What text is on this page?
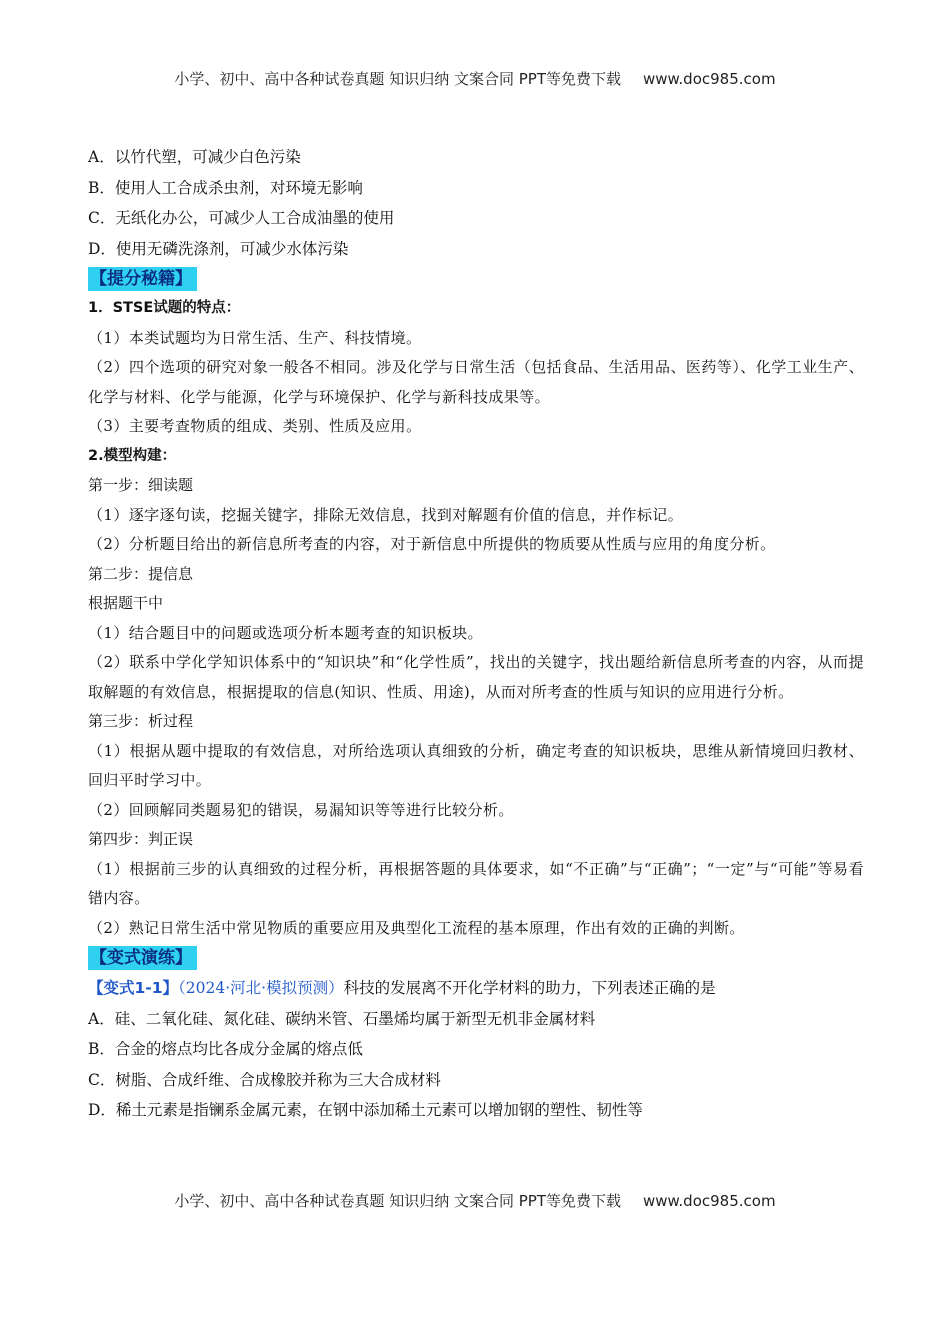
小学、初中、高中各种试卷真题 知识归纳 文案合同 PPT等免费下载 www.doc985.com
A．以竹代塑，可减少白色污染
B．使用人工合成杀虫剂，对环境无影响
C．无纸化办公，可减少人工合成油墨的使用
D．使用无磷洗涤剂，可减少水体污染
【提分秘籍】
1．STSE试题的特点：
（1）本类试题均为日常生活、生产、科技情境。
（2）四个选项的研究对象一般各不相同。涉及化学与日常生活（包括食品、生活用品、医药等）、化学工业生产、化学与材料、化学与能源，化学与环境保护、化学与新科技成果等。
（3）主要考查物质的组成、类别、性质及应用。
2.模型构建：
第一步：细读题
（1）逐字逐句读，挖掘关键字，排除无效信息，找到对解题有价值的信息，并作标记。
（2）分析题目给出的新信息所考查的内容，对于新信息中所提供的物质要从性质与应用的角度分析。
第二步：提信息
根据题干中
（1）结合题目中的问题或选项分析本题考查的知识板块。
（2）联系中学化学知识体系中的“知识块”和“化学性质”，找出的关键字，找出题给新信息所考查的内容，从而提取解题的有效信息，根据提取的信息(知识、性质、用途)，从而对所考查的性质与知识的应用进行分析。
第三步：析过程
（1）根据从题中提取的有效信息，对所给选项认真细致的分析，确定考查的知识板块，思维从新情境回归教材、回归平时学习中。
（2）回顾解同类题易犯的错误，易漏知识等等进行比较分析。
第四步：判正误
（1）根据前三步的认真细致的过程分析，再根据答题的具体要求，如“不正确”与“正确”；“一定”与“可能”等易看错内容。
（2）熟记日常生活中常见物质的重要应用及典型化工流程的基本原理，作出有效的正确的判断。
【变式演练】
【变式1-1】（2024·河北·模拟预测）科技的发展离不开化学材料的助力，下列表述正确的是
A．硅、二氧化硅、氮化硅、碳纳米管、石墨烯均属于新型无机非金属材料
B．合金的熔点均比各成分金属的熔点低
C．树脂、合成纤维、合成橡胶并称为三大合成材料
D．稀土元素是指镧系金属元素，在钢中添加稀土元素可以增加钢的塑性、韧性等
小学、初中、高中各种试卷真题 知识归纳 文案合同 PPT等免费下载 www.doc985.com
